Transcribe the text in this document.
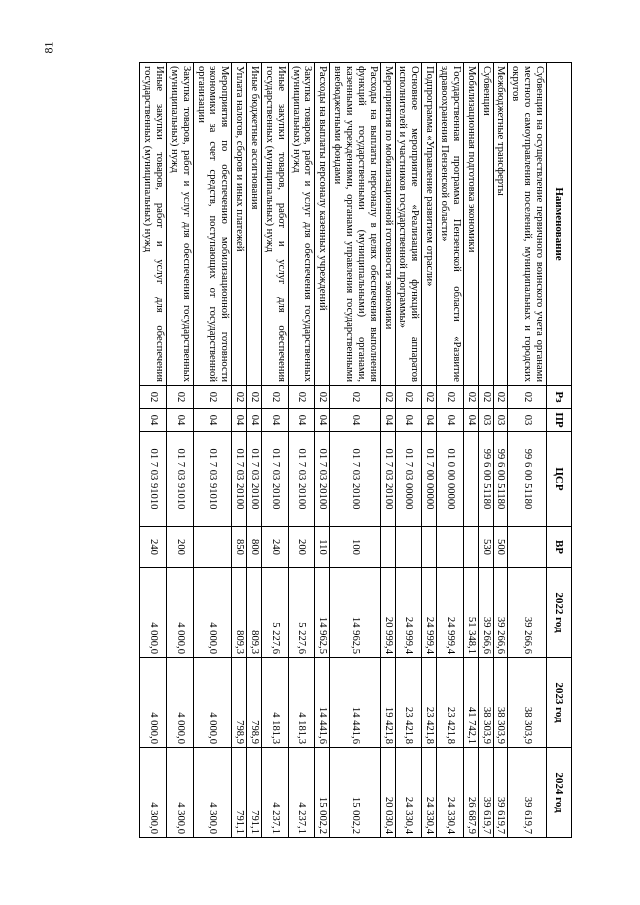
81
Наименование	Рз	ПР	ЦСР	ВР	2022 год	2023 год	2024 год
Субвенции на осуществление первичного воинского учета органами местного самоуправления поселений, муниципальных и городских округов	02	03	99 6 00 51180		39 266,6	38 303,9	39 619,7
Межбюджетные трансферты	02	03	99 6 00 51180	500	39 266,6	38 303,9	39 619,7
Субвенции	02	03	99 6 00 51180	530	39 266,6	38 303,9	39 619,7
Мобилизационная подготовка экономики	02	04			51 348,1	41 742,1	26 687,9
Государственная программа Пензенской области «Развитие здравоохранения Пензенской области»	02	04	01 0 00 00000		24 999,4	23 421,8	24 330,4
Подпрограмма «Управление развитием отрасли»	02	04	01 7 00 00000		24 999,4	23 421,8	24 330,4
Основное мероприятие «Реализация функций аппаратов исполнителей и участников государственной программы»	02	04	01 7 03 00000		24 999,4	23 421,8	24 330,4
Мероприятия по мобилизационной готовности экономики	02	04	01 7 03 20100		20 999,4	19 421,8	20 030,4
Расходы на выплаты персоналу в целях обеспечения выполнения функций государственными (муниципальными) органами, казенными учреждениями, органами управления государственными внебюджетными фондами	02	04	01 7 03 20100	100	14 962,5	14 441,6	15 002,2
Расходы на выплаты персоналу казенных учреждений	02	04	01 7 03 20100	110	14 962,5	14 441,6	15 002,2
Закупка товаров, работ и услуг для обеспечения государственных (муниципальных) нужд	02	04	01 7 03 20100	200	5 227,6	4 181,3	4 237,1
Иные закупки товаров, работ и услуг для обеспечения государственных (муниципальных) нужд	02	04	01 7 03 20100	240	5 227,6	4 181,3	4 237,1
Иные бюджетные ассигнования	02	04	01 7 03 20100	800	809,3	798,9	791,1
Уплата налогов, сборов и иных платежей	02	04	01 7 03 20100	850	809,3	798,9	791,1
Мероприятия по обеспечению мобилизационной готовности экономики за счет средств, поступающих от государственной организации	02	04	01 7 03 91010		4 000,0	4 000,0	4 300,0
Закупка товаров, работ и услуг для обеспечения государственных (муниципальных) нужд	02	04	01 7 03 91010	200	4 000,0	4 000,0	4 300,0
Иные закупки товаров, работ и услуг для обеспечения государственных (муниципальных) нужд	02	04	01 7 03 91010	240	4 000,0	4 000,0	4 300,0
